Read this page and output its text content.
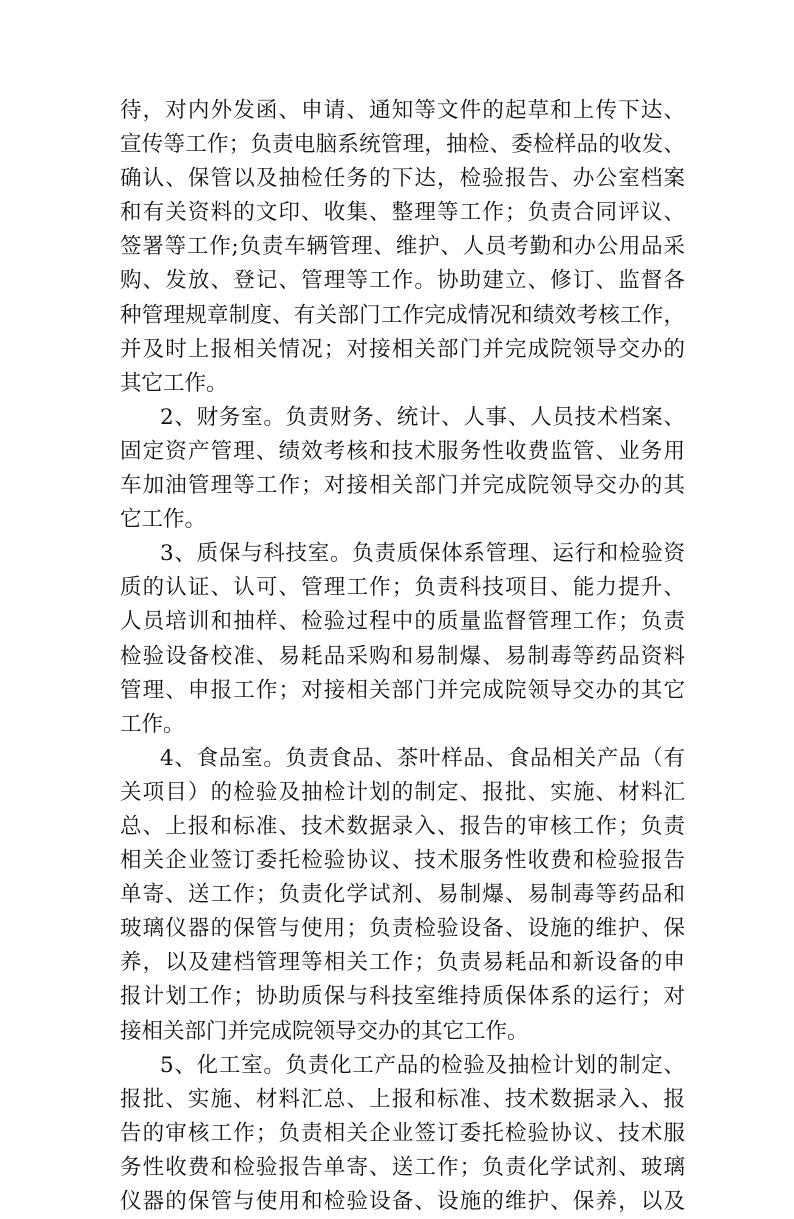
待，对内外发函、申请、通知等文件的起草和上传下达、
宣传等工作；负责电脑系统管理，抽检、委检样品的收发、
确认、保管以及抽检任务的下达，检验报告、办公室档案
和有关资料的文印、收集、整理等工作；负责合同评议、
签署等工作;负责车辆管理、维护、人员考勤和办公用品采
购、发放、登记、管理等工作。协助建立、修订、监督各
种管理规章制度、有关部门工作完成情况和绩效考核工作，
并及时上报相关情况；对接相关部门并完成院领导交办的
其它工作。
2、财务室。负责财务、统计、人事、人员技术档案、
固定资产管理、绩效考核和技术服务性收费监管、业务用
车加油管理等工作；对接相关部门并完成院领导交办的其
它工作。
3、质保与科技室。负责质保体系管理、运行和检验资
质的认证、认可、管理工作；负责科技项目、能力提升、
人员培训和抽样、检验过程中的质量监督管理工作；负责
检验设备校准、易耗品采购和易制爆、易制毒等药品资料
管理、申报工作；对接相关部门并完成院领导交办的其它
工作。
4、食品室。负责食品、茶叶样品、食品相关产品（有
关项目）的检验及抽检计划的制定、报批、实施、材料汇
总、上报和标准、技术数据录入、报告的审核工作；负责
相关企业签订委托检验协议、技术服务性收费和检验报告
单寄、送工作；负责化学试剂、易制爆、易制毒等药品和
玻璃仪器的保管与使用；负责检验设备、设施的维护、保
养，以及建档管理等相关工作；负责易耗品和新设备的申
报计划工作；协助质保与科技室维持质保体系的运行；对
接相关部门并完成院领导交办的其它工作。
5、化工室。负责化工产品的检验及抽检计划的制定、
报批、实施、材料汇总、上报和标准、技术数据录入、报
告的审核工作；负责相关企业签订委托检验协议、技术服
务性收费和检验报告单寄、送工作；负责化学试剂、玻璃
仪器的保管与使用和检验设备、设施的维护、保养，以及
